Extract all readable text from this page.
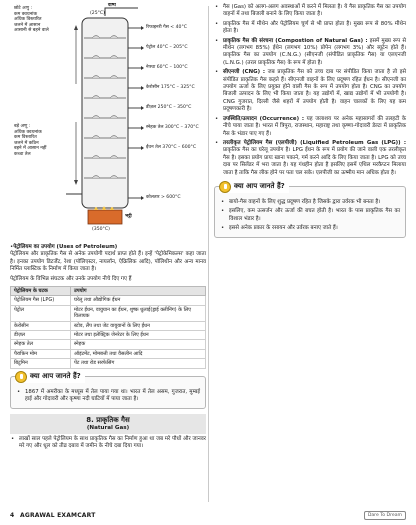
छोटे अणु :
कम क्वथनांक
अधिक विस्तारित
जलने में आसान
आसानी से बहने वाले
बड़े अणु :
अधिक क्वथनांक
कम विस्तारित
जलने में कठिन
बहने में आसान नहीं
कच्चा तेल
वाष्प
(25°C)
रिफाइनरी गैस < 40°C
पेट्रोल 40°C – 205°C
नेफ्था 60°C – 100°C
केरोसीन 175°C – 325°C
डीज़ल 250°C – 350°C
स्नेहक तेल 300°C – 370°C
ईंधन तेल 370°C – 600°C
कोलतार > 600°C
भट्ठी
(350°C)
•पेट्रोलियम का उपयोग (Uses of Petroleum)
पेट्रोलियम और प्राकृतिक गैस से अनेक उपयोगी पदार्थ प्राप्त होते हैं। इन्हें 'पेट्रोकेमिकल्स' कहा जाता है। इनका उपयोग डिटर्जेंट, रेशा (पॉलिएस्टर, नायलॉन, ऐक्रिलिक आदि), पॉलिथीन और अन्य मानव निर्मित प्लास्टिक के निर्माण में किया जाता है।
पेट्रोलियम के विभिन्न संघटक और उनके उपयोग नीचे दिए गए हैं
पेट्रोलियम के घटक	उपयोग
पेट्रोलियम गैस (LPG)	घरेलू तथा औद्योगिक ईंधन
पेट्रोल	मोटर ईंधन, वायुयान का ईंधन, शुष्क धुलाई(ड्राई क्लीनिंग) के लिए विलायक
केरोसीन	स्टोव, लैंप तथा जेट वायुयानों के लिए ईंधन
डीज़ल	मोटर तथा इलेक्ट्रिक जेनरेटर के लिए ईंधन
स्नेहक तेल	स्नेहक
पैराफ़िन मोम	ऑइंटमेंट, मोमबत्ती तथा वैसलीन आदि
बिटुमिन	पेंट तथा रोड सरफेसिंग
क्या आप जानते हैं?
• 1867 में अमरीका के मध्यूस में तेल पाया गया था। भारत में तेल असम, गुजरात, मुम्बई हाई और गोदावरी और कृष्णा नदी घाटियों में पाया जाता है।
8. प्राकृतिक गैस
(Natural Gas)
• लाखों साल पहले पेट्रोलियम के साथ प्राकृतिक गैस का निर्माण हुआ था जब मरे पौधों और जानवर मरे गए और धूल को तीव्र दबाव में जमीन के नीचे दबा दिया गया।
• गैस (Gas) को अलग-अलग अवस्थाओं में करने में मिलता है। ये गैस प्राकृतिक गैस का उपयोग वाहनों में तथा बिजली बनाने के लिए किया जाता है।
• प्राकृतिक गैस में मीथेन और पेट्रोलियम चूर्ण से भी प्राप्त होता है। मुख्य रूप से 80% मीथेन होता है।
• प्राकृतिक गैस की संरचना (Compostion of Natural Gas) : इसमें मुख्य रूप से मीथेन (लगभग 85%) ईथेन (लगभग 10%) प्रोपेन (लगभग 3%) और ब्यूटेन होते हैं। प्राकृतिक गैस का उपयोग (C.N.G.) (सीएनजी (संपीडित प्राकृतिक गैस) या एलएनजी (L.N.G.) (तरल प्राकृतिक गैस) के रूप में होता है।
• सीएनजी (CNG) : जब प्राकृतिक गैस को उच्च दाब पर संपीडित किया जाता है तो इसे संपीडित प्राकृतिक गैस कहते हैं। सीएनजी वाहनों के लिए प्रदूषण रहित ईंधन है। सीएनजी का उपयोग ऊर्जा के लिए प्रयुक्त होने वाली गैस के रूप में उपयोग होता है। CNG का उपयोग बिजली उत्पादन के लिए भी किया जाता है। यह उद्योगों में, खाद्य उद्योगों में भी उपयोगी है। CNG गुजरात, दिल्ली जैसे शहरों में उपयोग होती है। वाहन चालकों के लिए यह कम प्रदूषणकारी है।
• उपस्थिति/उत्पादन (Occurrence) : यह जलाशय पर अनेक महासागरों की तलहटी के नीचे पाया जाता है। भारत में त्रिपुरा, राजस्थान, महाराष्ट्र तथा कृष्णा-गोदावरी डेल्टा में प्राकृतिक गैस के भंडार पाए गए हैं।
• तरलीकृत पेट्रोलियम गैस (एलपीजी) (Liquified Petroleum Gas (LPG)) : प्राकृतिक गैस का घरेलू उपयोग है। LPG ईंधन के रूप में प्रयोग की जाने वाली एक तरलीकृत गैस है। इसका प्रयोग प्रायः खाना पकाने, गर्म करने आदि के लिए किया जाता है। LPG को उच्च दाब पर सिलेंडर में भरा जाता है। यह गंधहीन होता है इसलिए इसमें एथिल मरकैप्टन मिलाया जाता है ताकि गैस लीक होने पर पता चल सके। एलपीजी का ऊष्मीय मान अधिक होता है।
क्या आप जानते हैं?
• बायो-गैस वाहनों के लिए शुद्ध प्रदूषण रहित है जिसके द्वारा उर्वरक भी बनता है।
• इसलिए, कम उत्सर्जन और ऊर्जा की बचत होती है। भारत के पास प्राकृतिक गैस का विशाल भंडार है।
• इससे अनेक प्रकार के रसायन और उर्वरक बनाए जाते हैं।
4 AGRAWAL EXAMCART	Dare To Dream
